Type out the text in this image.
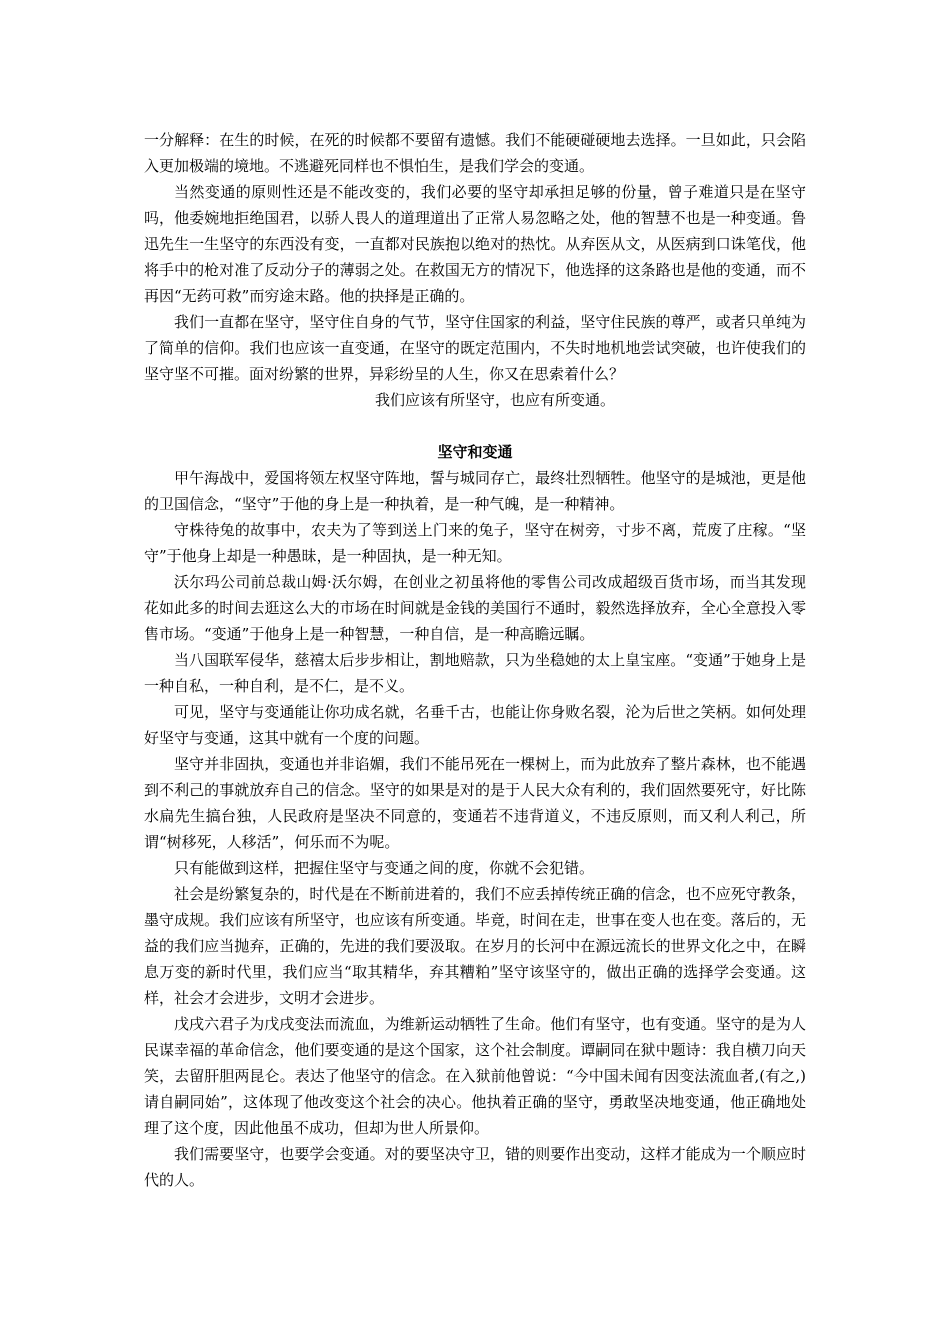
一分解释：在生的时候，在死的时候都不要留有遗憾。我们不能硬碰硬地去选择。一旦如此，只会陷入更加极端的境地。不逃避死同样也不惧怕生，是我们学会的变通。

当然变通的原则性还是不能改变的，我们必要的坚守却承担足够的份量，曾子难道只是在坚守吗，他委婉地拒绝国君，以骄人畏人的道理道出了正常人易忽略之处，他的智慧不也是一种变通。鲁迅先生一生坚守的东西没有变，一直都对民族抱以绝对的热忱。从弃医从文，从医病到口诛笔伐，他将手中的枪对准了反动分子的薄弱之处。在救国无方的情况下，他选择的这条路也是他的变通，而不再因“无药可救”而穷途末路。他的抉择是正确的。

我们一直都在坚守，坚守住自身的气节，坚守住国家的利益，坚守住民族的尊严，或者只单纯为了简单的信仰。我们也应该一直变通，在坚守的既定范围内，不失时地机地尝试突破，也许使我们的坚守坚不可摧。面对纷繁的世界，异彩纷呈的人生，你又在思索着什么？

我们应该有所坚守，也应有所变通。

坚守和变通

甲午海战中，爱国将领左权坚守阵地，誓与城同存亡，最终壮烈牺牲。他坚守的是城池，更是他的卫国信念，“坚守”于他的身上是一种执着，是一种气魄，是一种精神。

守株待兔的故事中，农夫为了等到送上门来的兔子，坚守在树旁，寸步不离，荒废了庄稼。“坚守”于他身上却是一种愚昧，是一种固执，是一种无知。

沃尔玛公司前总裁山姆·沃尔姆，在创业之初虽将他的零售公司改成超级百货市场，而当其发现花如此多的时间去逛这么大的市场在时间就是金钱的美国行不通时，毅然选择放弃，全心全意投入零售市场。“变通”于他身上是一种智慧，一种自信，是一种高瞻远瞩。

当八国联军侵华，慈禧太后步步相让，割地赔款，只为坐稳她的太上皇宝座。“变通”于她身上是一种自私，一种自利，是不仁，是不义。

可见，坚守与变通能让你功成名就，名垂千古，也能让你身败名裂，沦为后世之笑柄。如何处理好坚守与变通，这其中就有一个度的问题。

坚守并非固执，变通也并非谄媚，我们不能吊死在一棵树上，而为此放弃了整片森林，也不能遇到不利己的事就放弃自己的信念。坚守的如果是对的是于人民大众有利的，我们固然要死守，好比陈水扁先生搞台独，人民政府是坚决不同意的，变通若不违背道义，不违反原则，而又利人利己，所谓“树移死，人移活”，何乐而不为呢。

只有能做到这样，把握住坚守与变通之间的度，你就不会犯错。

社会是纷繁复杂的，时代是在不断前进着的，我们不应丢掉传统正确的信念，也不应死守教条，墨守成规。我们应该有所坚守，也应该有所变通。毕竟，时间在走，世事在变人也在变。落后的，无益的我们应当抛弃，正确的，先进的我们要汲取。在岁月的长河中在源远流长的世界文化之中，在瞬息万变的新时代里，我们应当“取其精华，弃其糟粕”坚守该坚守的，做出正确的选择学会变通。这样，社会才会进步，文明才会进步。

戊戌六君子为戊戌变法而流血，为维新运动牺牲了生命。他们有坚守，也有变通。坚守的是为人民谋幸福的革命信念，他们要变通的是这个国家，这个社会制度。谭嗣同在狱中题诗：我自横刀向天笑，去留肝胆两昆仑。表达了他坚守的信念。在入狱前他曾说：“今中国未闻有因变法流血者,(有之,)请自嗣同始”，这体现了他改变这个社会的决心。他执着正确的坚守，勇敢坚决地变通，他正确地处理了这个度，因此他虽不成功，但却为世人所景仰。

我们需要坚守，也要学会变通。对的要坚决守卫，错的则要作出变动，这样才能成为一个顺应时代的人。
